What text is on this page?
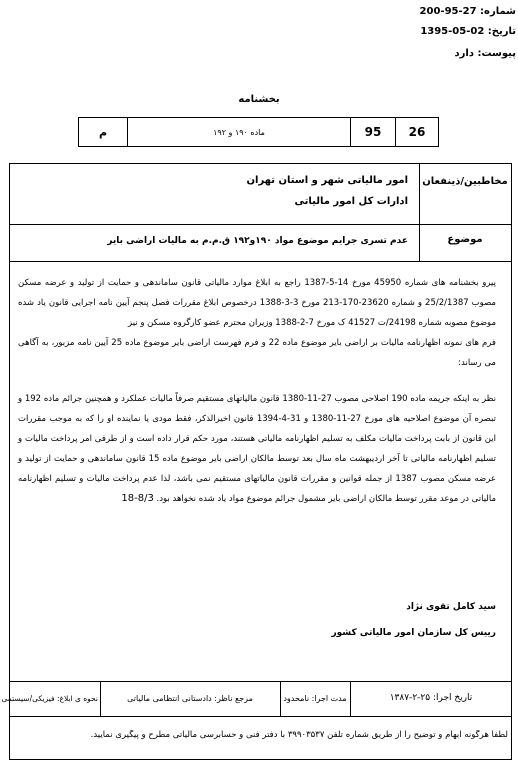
شماره: 200-95-27
تاریخ: 1395-05-02
پیوست: دارد
بخشنامه
26	95	ماده ۱۹۰ و ۱۹۲	م
مخاطبین/ذینفعان
امور مالیاتی شهر و استان تهران
ادارات کل امور مالیاتی
موضوع
عدم تسری جرایم موضوع مواد ۱۹۰و۱۹۲ ق.م.م به مالیات اراضی بایر

پیرو بخشنامه های شماره 45950 مورخ 14-5-1387 راجع به ابلاغ موارد مالیاتی قانون ساماندهی و حمایت از تولید و عرضه مسکن مصوب 25/2/1387 و شماره 23620-170-213 مورخ 3-3-1388 درخصوص ابلاغ مقررات فصل پنجم آیین نامه اجرایی قانون یاد شده موضوع مصوبه شماره 24198/ت 41527 ک مورخ 7-2-1388 وزیران محترم عضو کارگروه مسکن و نیز

فرم های نمونه اظهارنامه مالیات بر اراضی بایر موضوع ماده 22 و فرم فهرست اراضی بایر موضوع ماده 25 آیین نامه مزبور، به آگاهی می رساند:

نظر به اینکه جریمه ماده 190 اصلاحی مصوب 27-11-1380 قانون مالیاتهای مستقیم صرفاً مالیات عملکرد و همچنین جرائم ماده 192 و تبصره آن موضوع اصلاحیه های مورخ 27-11-1380 و 31-4-1394 قانون اخیرالذکر، فقط مودی یا نماینده او را که به موجب مقررات این قانون از بابت پرداخت مالیات مکلف به تسلیم اظهارنامه مالیاتی هستند، مورد حکم قرار داده است و از طرفی امر پرداخت مالیات و تسلیم اظهارنامه مالیاتی تا آخر اردیبهشت ماه سال بعد توسط مالکان اراضی بایر موضوع ماده 15 قانون ساماندهی و حمایت از تولید و عرضه مسکن مصوب 1387 از جمله قوانین و مقررات قانون مالیاتهای مستقیم نمی باشد، لذا عدم پرداخت مالیات و تسلیم اظهارنامه مالیاتی در موعد مقرر توسط مالکان اراضی بایر مشمول جرائم موضوع مواد یاد شده نخواهد بود. 18-8/3

سید کامل تقوی نژاد
رییس کل سازمان امور مالیاتی کشور
تاریخ اجرا: ۲۵-۲-۱۳۸۷
مدت اجرا: نامحدود
مرجع ناظر: دادستانی انتظامی مالیاتی
نحوه ی ابلاغ: فیزیکی/سیستمی
لطفا هرگونه ابهام و توضیح را از طریق شماره تلفن ۳۹۹۰۳۵۳۷ با دفتر فنی و حسابرسی مالیاتی مطرح و پیگیری نمایید.
